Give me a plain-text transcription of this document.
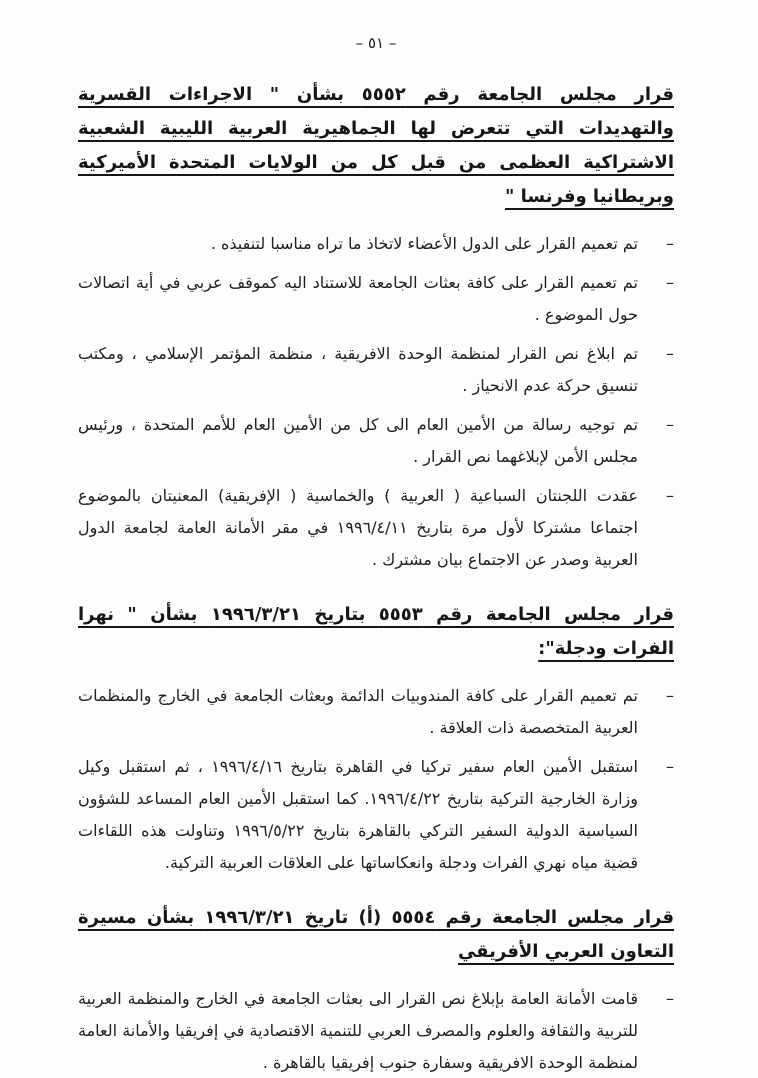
– ٥١ –
قرار مجلس الجامعة رقم ٥٥٥٢ بشأن " الاجراءات القسرية والتهديدات التي تتعرض لها الجماهيرية العربية الليبية الشعبية الاشتراكية العظمى من قبل كل من الولايات المتحدة الأميركية وبريطانيا وفرنسا "
–

تم تعميم القرار على الدول الأعضاء لاتخاذ ما تراه مناسبا لتنفيذه .

–

تم تعميم القرار على كافة بعثات الجامعة للاستناد اليه كموقف عربي في أية اتصالات حول الموضوع .

–

تم ابلاغ نص القرار لمنظمة الوحدة الافريقية ، منظمة المؤتمر الإسلامي ، ومكتب تنسيق حركة عدم الانحياز .

–

تم توجيه رسالة من الأمين العام الى كل من الأمين العام للأمم المتحدة ، ورئيس مجلس الأمن لإبلاغهما نص القرار .

–

عقدت اللجنتان السباعية ( العربية ) والخماسية ( الإفريقية) المعنيتان بالموضوع اجتماعا مشتركا لأول مرة بتاريخ ١٩٩٦/٤/١١ في مقر الأمانة العامة لجامعة الدول العربية وصدر عن الاجتماع بيان مشترك .

قرار مجلس الجامعة رقم ٥٥٥٣ بتاريخ ١٩٩٦/٣/٢١ بشأن " نهرا الفرات ودجلة":
–

تم تعميم القرار على كافة المندوبيات الدائمة وبعثات الجامعة في الخارج والمنظمات العربية المتخصصة ذات العلاقة .

–

استقبل الأمين العام سفير تركيا في القاهرة بتاريخ ١٩٩٦/٤/١٦ ، ثم استقبل وكيل وزارة الخارجية التركية بتاريخ ١٩٩٦/٤/٢٢. كما استقبل الأمين العام المساعد للشؤون السياسية الدولية السفير التركي بالقاهرة بتاريخ ١٩٩٦/٥/٢٢ وتناولت هذه اللقاءات قضية مياه نهري الفرات ودجلة وانعكاساتها على العلاقات العربية التركية.

قرار مجلس الجامعة رقم ٥٥٥٤ (أ) تاريخ ١٩٩٦/٣/٢١ بشأن مسيرة التعاون العربي الأفريقي
–

قامت الأمانة العامة بإبلاغ نص القرار الى بعثات الجامعة في الخارج والمنظمة العربية للتربية والثقافة والعلوم والمصرف العربي للتنمية الاقتصادية في إفريقيا والأمانة العامة لمنظمة الوحدة الافريقية وسفارة جنوب إفريقيا بالقاهرة .
